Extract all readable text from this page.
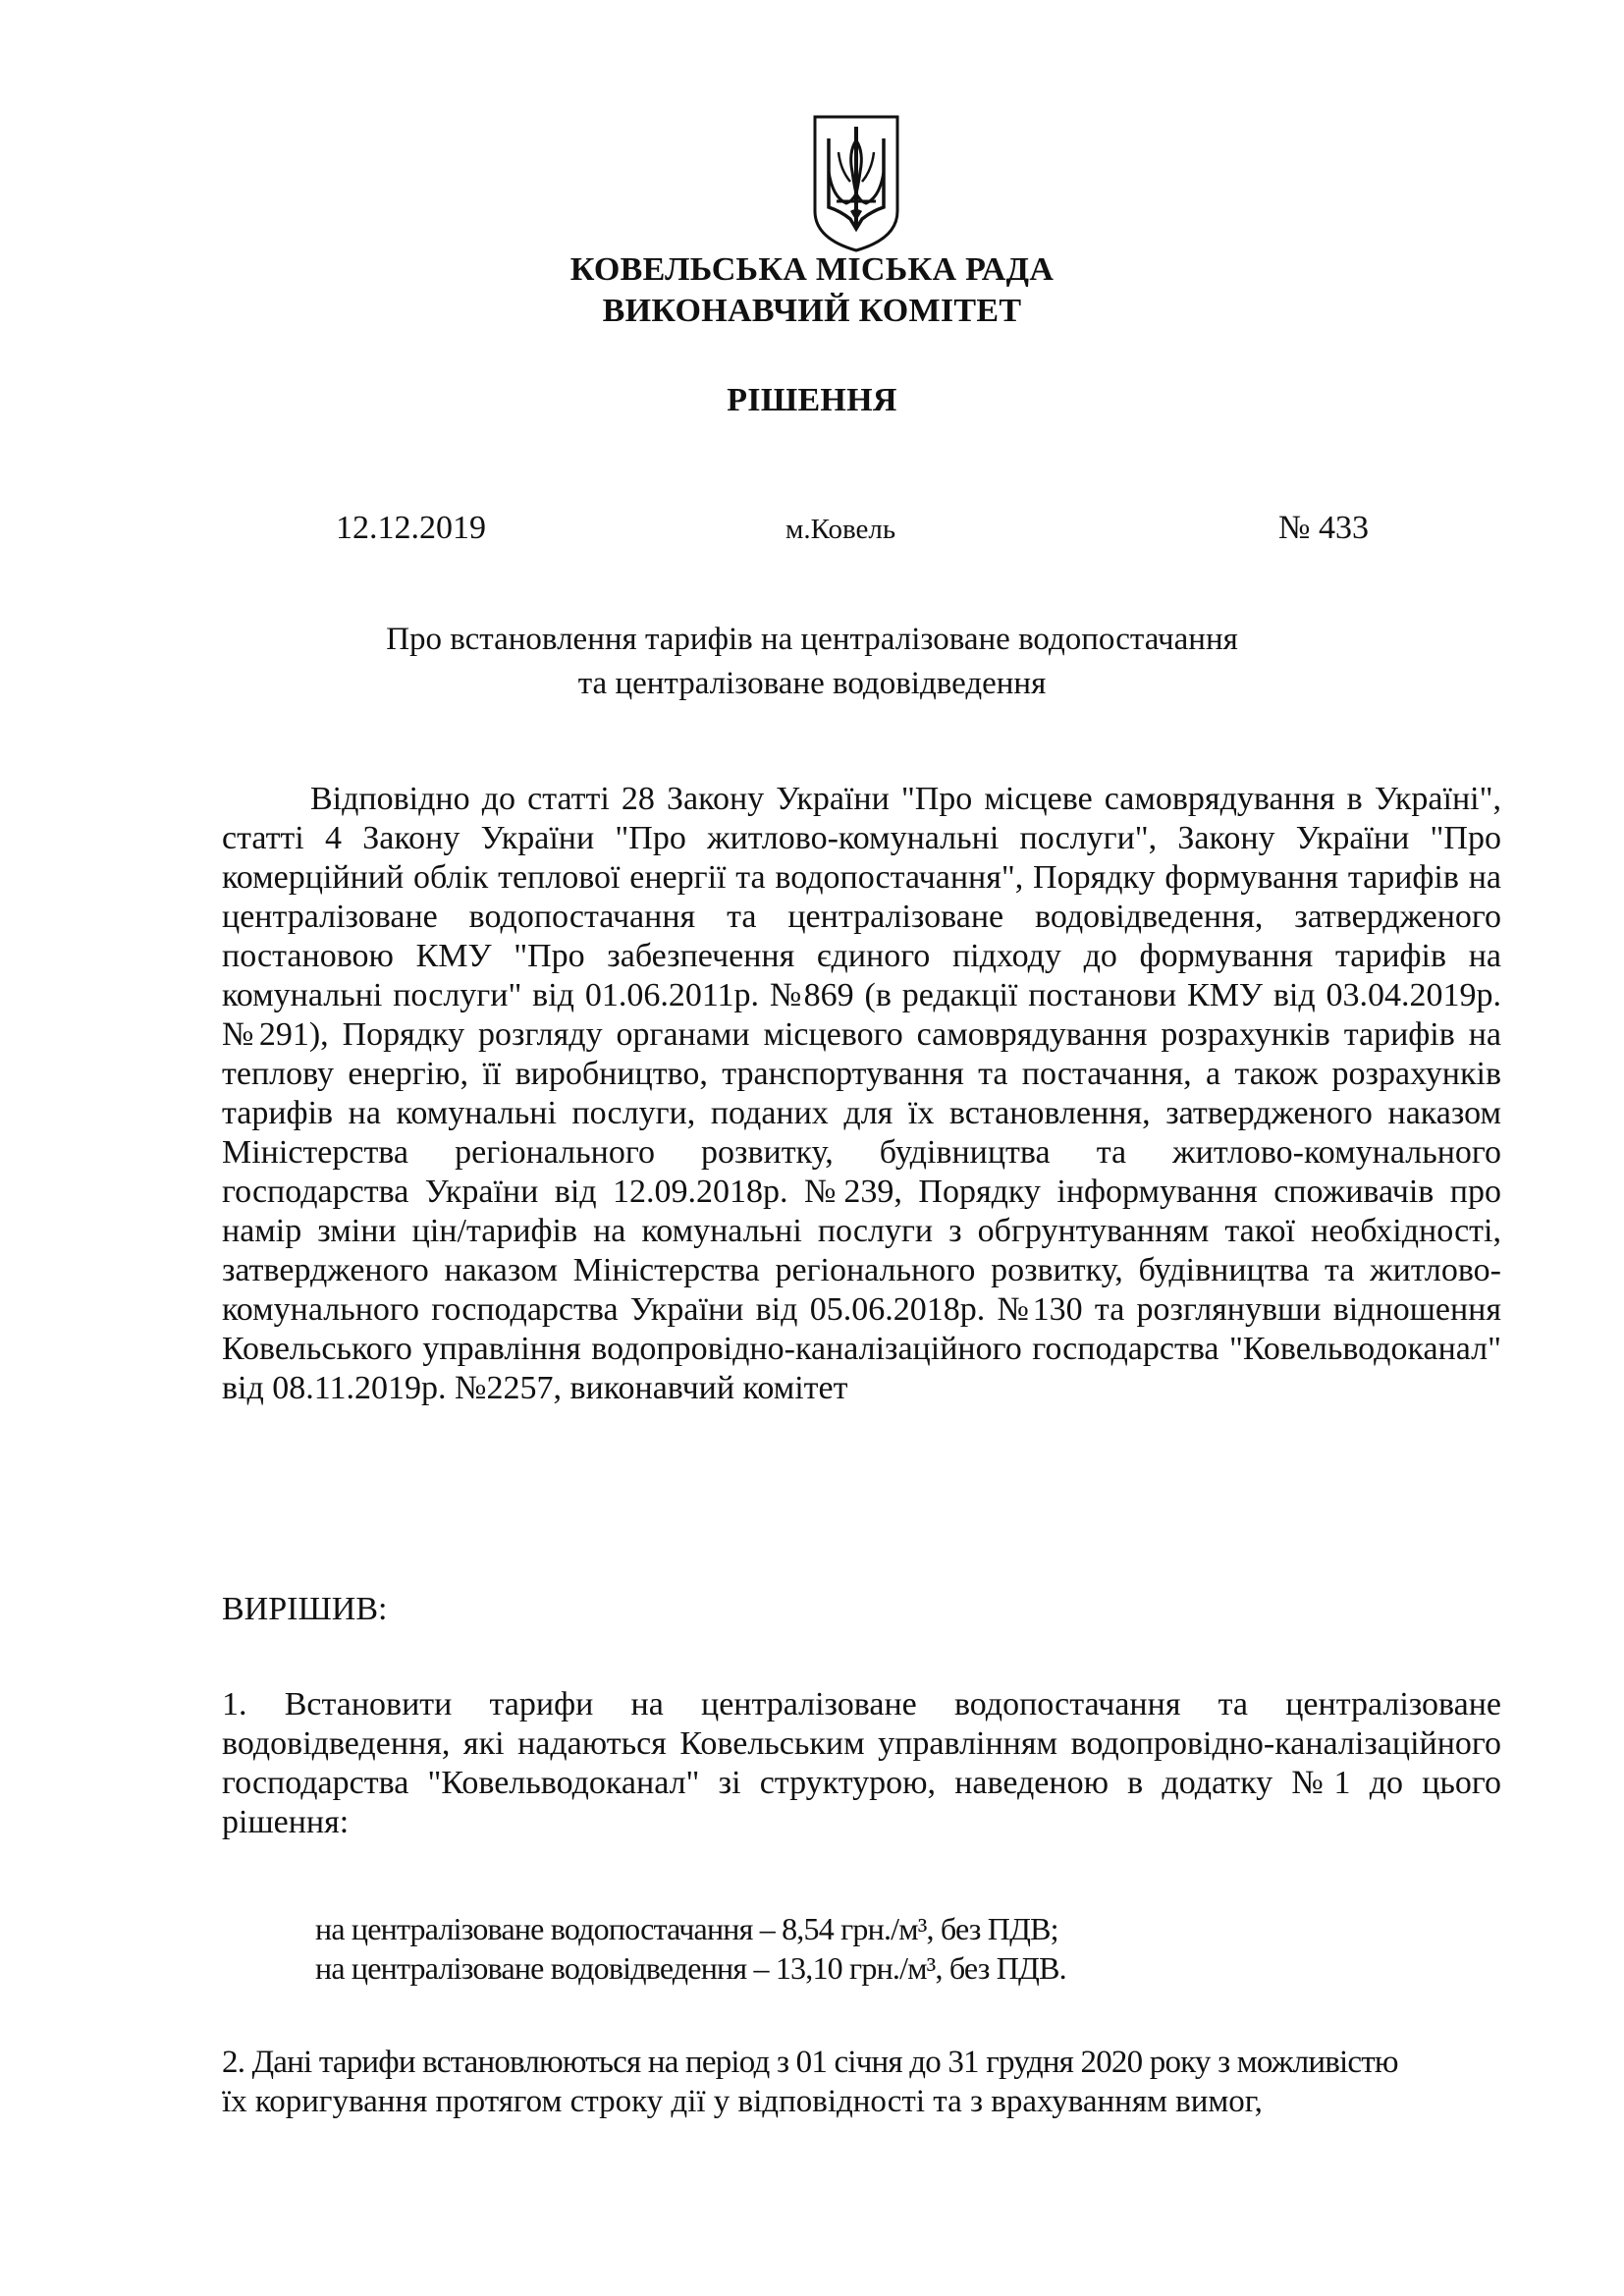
КОВЕЛЬСЬКА МІСЬКА РАДА

ВИКОНАВЧИЙ КОМІТЕТ

РІШЕННЯ

12.12.2019	м.Ковель	№ 433
Про встановлення тарифів на централізоване водопостачання
та централізоване водовідведення

Відповідно до статті 28 Закону України "Про місцеве самоврядування в Україні", статті 4 Закону України "Про житлово-комунальні послуги", Закону України "Про комерційний облік теплової енергії та водопостачання", Порядку формування тарифів на централізоване водопостачання та централізоване водовідведення, затвердженого постановою КМУ "Про забезпечення єдиного підходу до формування тарифів на комунальні послуги" від 01.06.2011р. №869 (в редакції постанови КМУ від 03.04.2019р. №291), Порядку розгляду органами місцевого самоврядування розрахунків тарифів на теплову енергію, її виробництво, транспортування та постачання, а також розрахунків тарифів на комунальні послуги, поданих для їх встановлення, затвердженого наказом Міністерства регіонального розвитку, будівництва та житлово-комунального господарства України від 12.09.2018р. №239, Порядку інформування споживачів про намір зміни цін/тарифів на комунальні послуги з обгрунтуванням такої необхідності, затвердженого наказом Міністерства регіонального розвитку, будівництва та житлово-комунального господарства України від 05.06.2018р. №130 та розглянувши відношення Ковельського управління водопровідно-каналізаційного господарства "Ковельводоканал" від 08.11.2019р. №2257, виконавчий комітет

ВИРІШИВ:

1. Встановити тарифи на централізоване водопостачання та централізоване водовідведення, які надаються Ковельським управлінням водопровідно-каналізаційного господарства "Ковельводоканал" зі структурою, наведеною в додатку №1 до цього рішення:

на централізоване водопостачання – 8,54 грн./м³, без ПДВ;

на централізоване водовідведення – 13,10 грн./м³, без ПДВ.

2. Дані тарифи встановлюються на період з 01 січня до 31 грудня 2020 року з можливістю
їх коригування протягом строку дії у відповідності та з врахуванням вимог,
